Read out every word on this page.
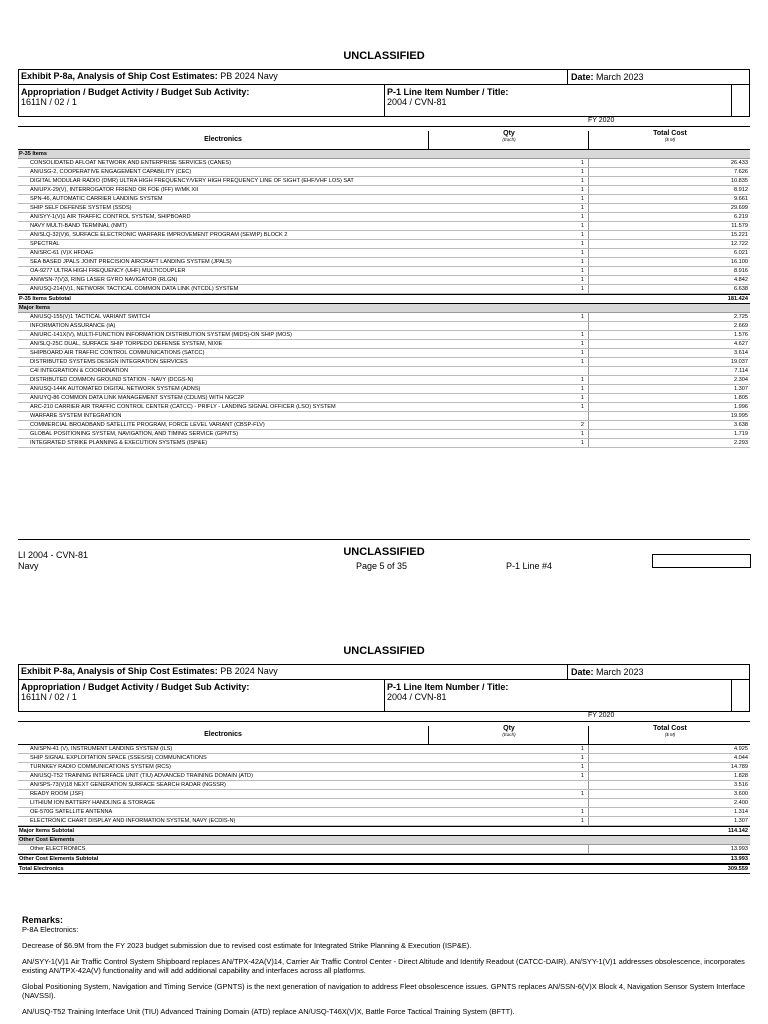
UNCLASSIFIED
Exhibit P-8a, Analysis of Ship Cost Estimates: PB 2024 Navy	Date: March 2023
Appropriation / Budget Activity / Budget Sub Activity:
1611N / 02 / 1
P-1 Line Item Number / Title:
2004 / CVN-81
FY 2020
Electronics
Qty
(Each)
Total Cost
($ M)
P-35 Items
CONSOLIDATED AFLOAT NETWORK AND ENTERPRISE SERVICES (CANES)	1	26.433
AN/USG-2, COOPERATIVE ENGAGEMENT CAPABILITY (CEC)	1	7.626
DIGITAL MODULAR RADIO (DMR) ULTRA HIGH FREQUENCY/VERY HIGH FREQUENCY LINE OF SIGHT (EHF/VHF LOS) SAT	1	10.835
AN/UPX-29(V), INTERROGATOR FRIEND OR FOE (IFF) W/MK XII	1	8.912
SPN-46, AUTOMATIC CARRIER LANDING SYSTEM	1	9.661
SHIP SELF DEFENSE SYSTEM (SSDS)	1	29.699
AN/SYY-1(V)1 AIR TRAFFIC CONTROL SYSTEM, SHIPBOARD	1	6.219
NAVY MULTI-BAND TERMINAL (NMT)	1	11.579
AN/SLQ-32(V)6, SURFACE ELECTRONIC WARFARE IMPROVEMENT PROGRAM (SEWIP) BLOCK 2	1	15.221
SPECTRAL	1	12.722
AN/SRC-61 (V)X HFDAG	1	6.021
SEA BASED JPALS JOINT PRECISION AIRCRAFT LANDING SYSTEM (JPALS)	1	16.100
OA-9277 ULTRA HIGH FREQUENCY (UHF) MULTICOUPLER	1	8.916
AN/WSN-7(V)3, RING LASER GYRO NAVIGATOR (RLGN)	1	4.842
AN/USQ-214(V)1, NETWORK TACTICAL COMMON DATA LINK (NTCDL) SYSTEM	1	6.638
P-35 Items Subtotal	181.424
Major Items
AN/USQ-155(V)1 TACTICAL VARIANT SWITCH	1	2.725
INFORMATION ASSURANCE (IA)	2.669
AN/URC-141X(V), MULTI-FUNCTION INFORMATION DISTRIBUTION SYSTEM (MIDS)-ON SHIP (MOS)	1	1.576
AN/SLQ-25C DUAL, SURFACE SHIP TORPEDO DEFENSE SYSTEM, NIXIE	1	4.627
SHIPBOARD AIR TRAFFIC CONTROL COMMUNICATIONS (SATCC)	1	3.614
DISTRIBUTED SYSTEMS DESIGN INTEGRATION SERVICES	1	19.037
C4I INTEGRATION & COORDINATION	7.114
DISTRIBUTED COMMON GROUND STATION - NAVY (DCGS-N)	1	2.304
AN/USQ-144K AUTOMATED DIGITAL NETWORK SYSTEM (ADNS)	1	1.307
AN/UYQ-86 COMMON DATA LINK MANAGEMENT SYSTEM (CDLMS) WITH NGC2P	1	1.805
ARC-210 CARRIER AIR TRAFFIC CONTROL CENTER (CATCC) - PRIFLY - LANDING SIGNAL OFFICER (LSO) SYSTEM	1	1.996
WARFARE SYSTEM INTEGRATION	19.995
COMMERCIAL BROADBAND SATELLITE PROGRAM, FORCE LEVEL VARIANT (CBSP-FLV)	2	3.638
GLOBAL POSITIONING SYSTEM, NAVIGATION, AND TIMING SERVICE (GPNTS)	1	1.719
INTEGRATED STRIKE PLANNING & EXECUTION SYSTEMS (ISP&E)	1	2.293
UNCLASSIFIED
LI 2004 - CVN-81
Navy	Page 5 of 35	P-1 Line #4
UNCLASSIFIED
Exhibit P-8a, Analysis of Ship Cost Estimates: PB 2024 Navy	Date: March 2023
Appropriation / Budget Activity / Budget Sub Activity:
1611N / 02 / 1
P-1 Line Item Number / Title:
2004 / CVN-81
FY 2020
Electronics
Qty
(Each)
Total Cost
($ M)
AN/SPN-41 (V), INSTRUMENT LANDING SYSTEM (ILS)	1	4.925
SHIP SIGNAL EXPLOITATION SPACE (SSES/SI) COMMUNICATIONS	1	4.044
TURNKEY RADIO COMMUNICATIONS SYSTEM (RCS)	1	14.789
AN/USQ-T52 TRAINING INTERFACE UNIT (TIU) ADVANCED TRAINING DOMAIN (ATD)	1	1.828
AN/SPS-73(V)18 NEXT GENERATION SURFACE SEARCH RADAR (NGSSR)	3.516
READY ROOM (JSF)	1	3.600
LITHIUM ION BATTERY HANDLING & STORAGE	2.400
OE-570G SATELLITE ANTENNA	1	1.314
ELECTRONIC CHART DISPLAY AND INFORMATION SYSTEM, NAVY (ECDIS-N)	1	1.307
Major Items Subtotal	114.142
Other Cost Elements
Other ELECTRONICS	13.993
Other Cost Elements Subtotal	13.993
Total Electronics	309.559
Remarks:

P-8A Electronics:

Decrease of $6.9M from the FY 2023 budget submission due to revised cost estimate for Integrated Strike Planning & Execution (ISP&E).

AN/SYY-1(V)1 Air Traffic Control System Shipboard replaces AN/TPX-42A(V)14, Carrier Air Traffic Control Center - Direct Altitude and Identify Readout (CATCC-DAIR). AN/SYY-1(V)1 addresses obsolescence, incorporates existing AN/TPX-42A(V) functionality and will add additional capability and interfaces across all platforms.

Global Positioning System, Navigation and Timing Service (GPNTS) is the next generation of navigation to address Fleet obsolescence issues. GPNTS replaces AN/SSN-6(V)X Block 4, Navigation Sensor System Interface (NAVSSI).

AN/USQ-T52 Training Interface Unit (TIU) Advanced Training Domain (ATD) replace AN/USQ-T46X(V)X, Battle Force Tactical Training System (BFTT).
